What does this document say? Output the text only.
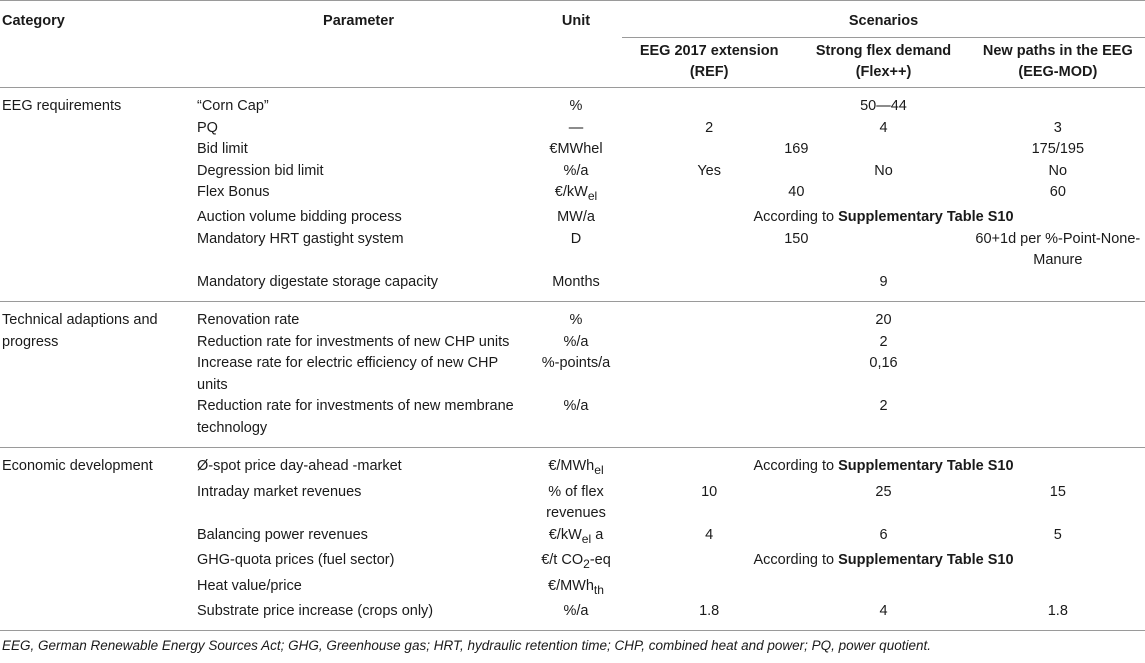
Category	Parameter	Unit	Scenarios		
			EEG 2017 extension (REF)	Strong flex demand (Flex++)	New paths in the EEG (EEG-MOD)
EEG requirements	“Corn Cap”	%	50—44		
	PQ	—	2	4	3
	Bid limit	€MWhel	169		175/195
	Degression bid limit	%/a	Yes	No	No
	Flex Bonus	$€/kW_{el}$	40		60
	Auction volume bidding process	MW/a	According to Supplementary Table S10		
	Mandatory HRT gastight system	D	150		60+1d per %-Point-None-Manure
	Mandatory digestate storage capacity	Months	9		
Technical adaptions and progress	Renovation rate	%	20		
	Reduction rate for investments of new CHP units	%/a	2		
	Increase rate for electric efficiency of new CHP units	%-points/a	0,16		
	Reduction rate for investments of new membrane technology	%/a	2		
Economic development	Ø-spot price day-ahead -market	€/MWh$_{el}$	According to Supplementary Table S10		
	Intraday market revenues	% of flex revenues	10	25	15
	Balancing power revenues	$€/kW_{el}$ a	4	6	5
	GHG-quota prices (fuel sector)	€/t $CO_2-eq$	According to Supplementary Table S10		
	Heat value/price	€/MWh$_{th}$	
	Substrate price increase (crops only)	%/a	1.8	4	1.8
EEG, German Renewable Energy Sources Act; GHG, Greenhouse gas; HRT, hydraulic retention time; CHP, combined heat and power; PQ, power quotient.
